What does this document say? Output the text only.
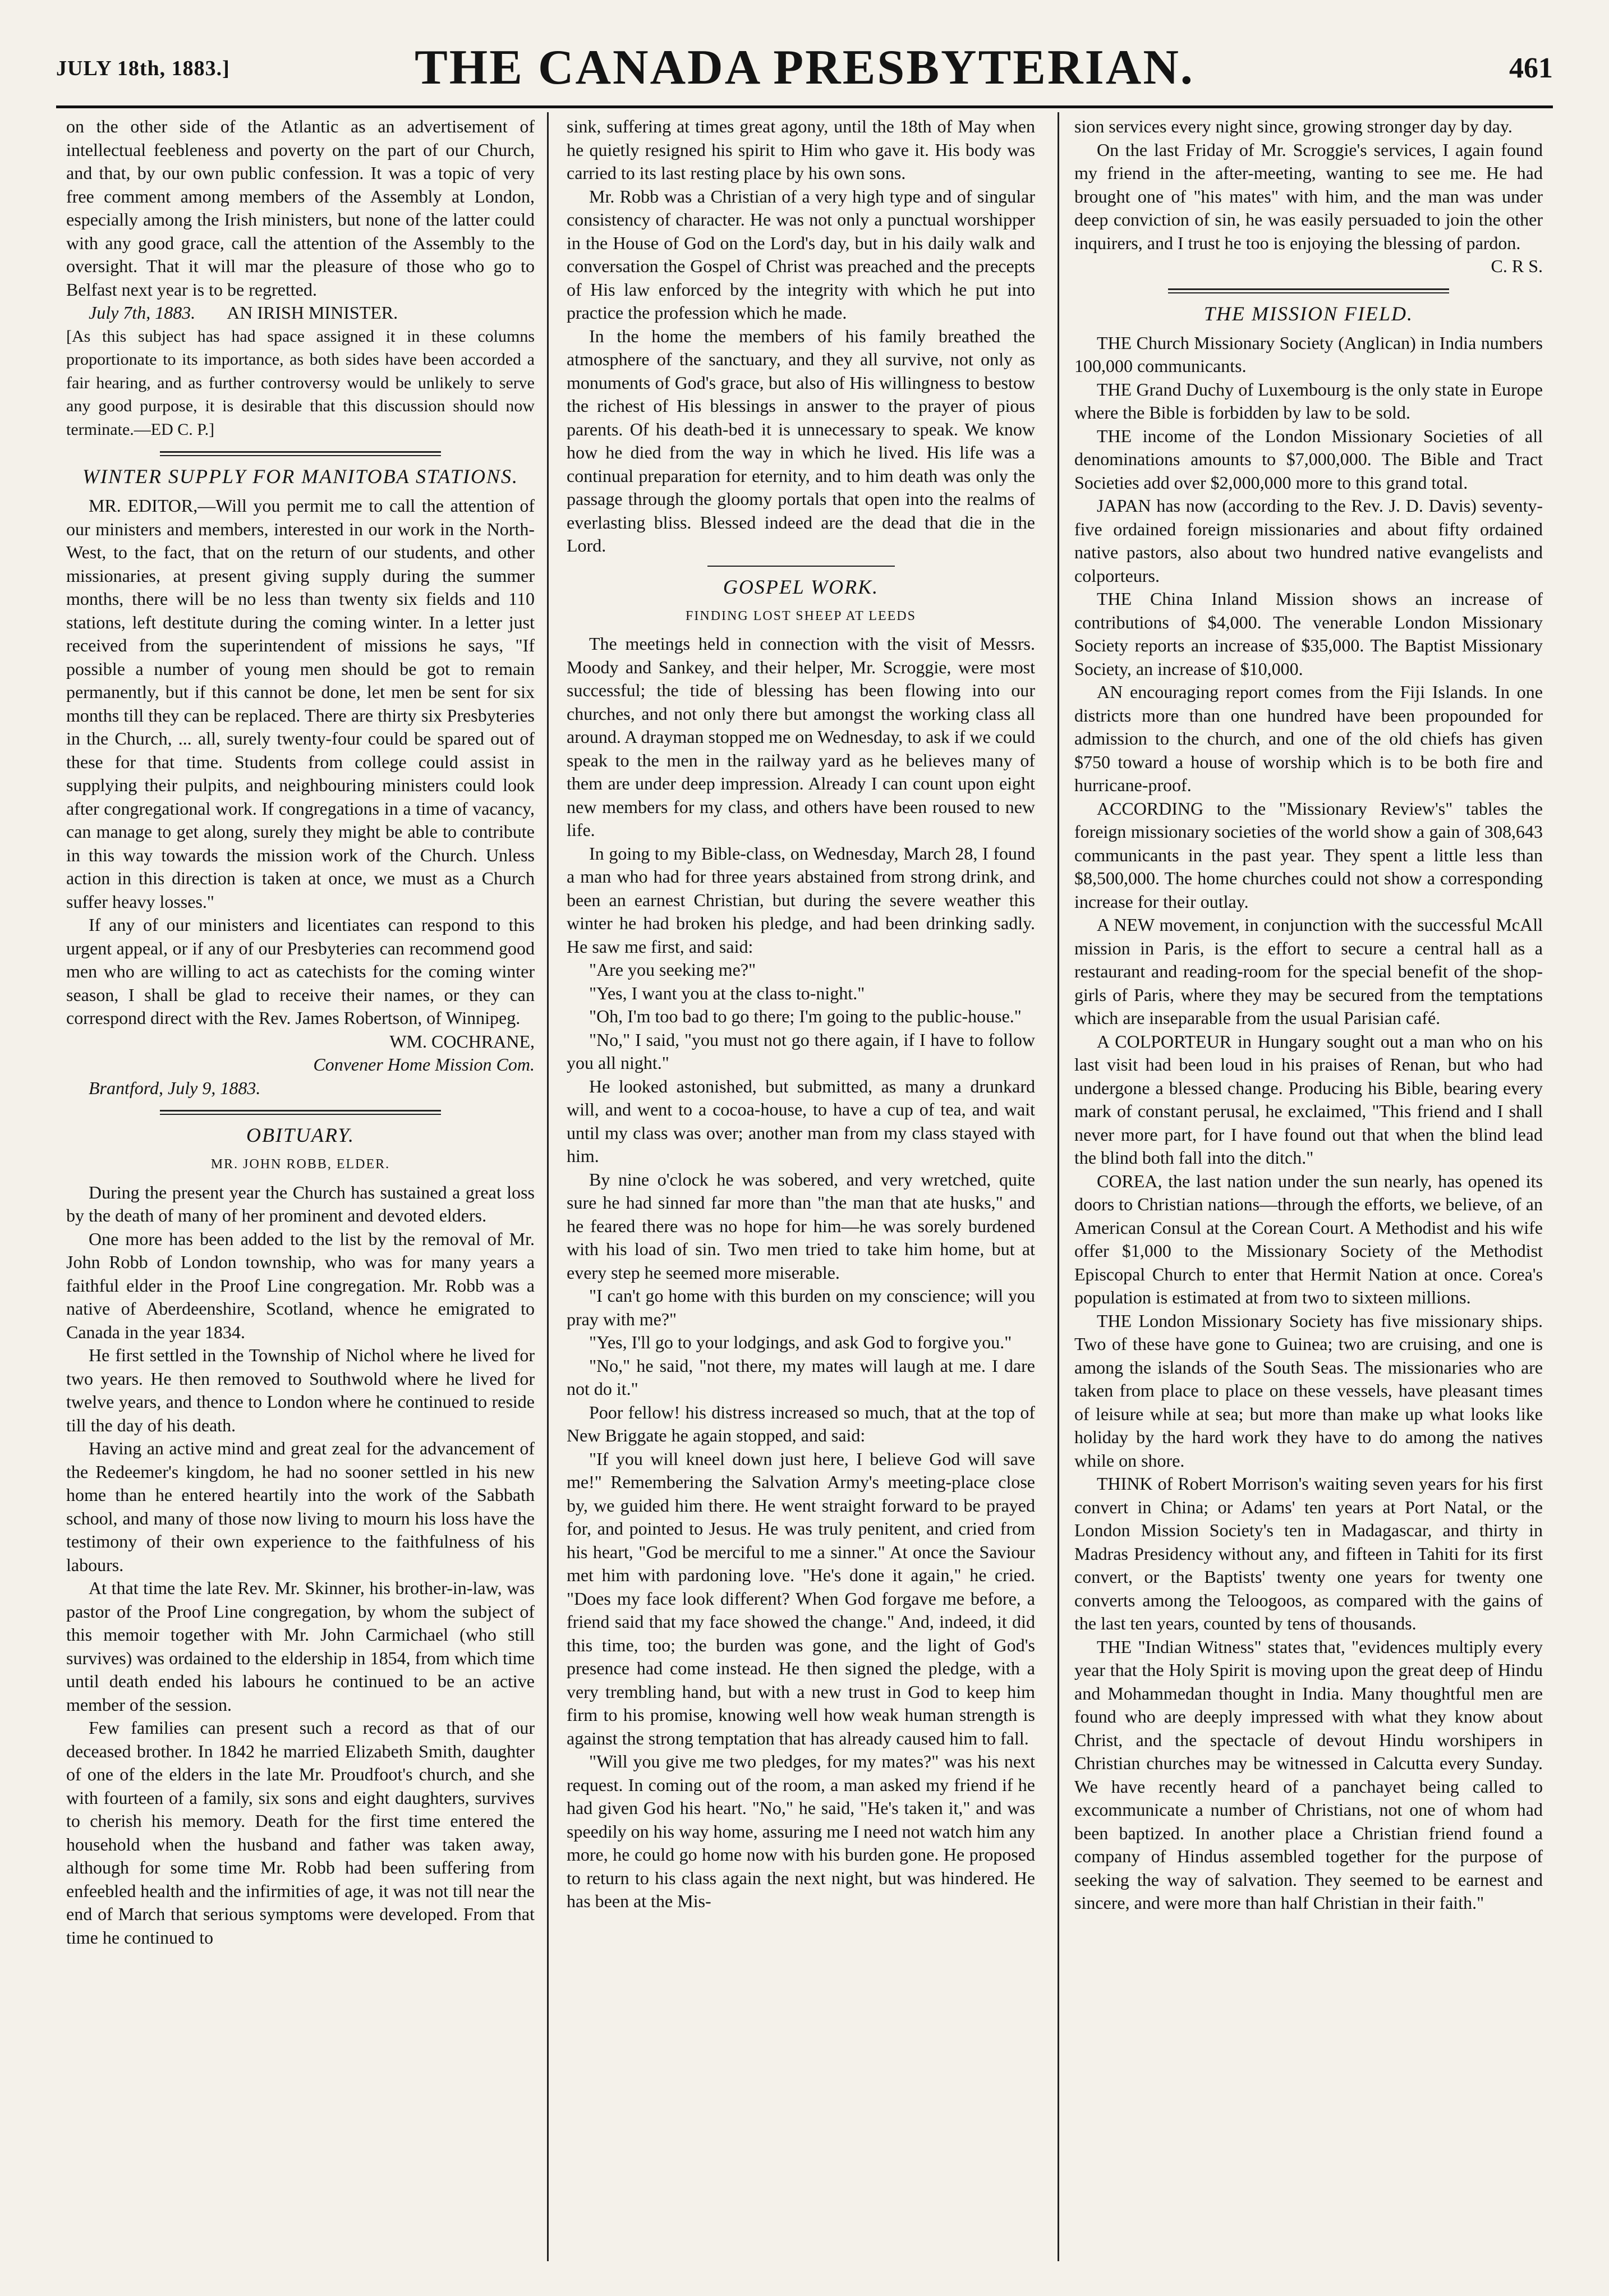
JULY 18th, 1883.]	THE CANADA PRESBYTERIAN.	461

on the other side of the Atlantic as an advertisement of intellectual feebleness and poverty on the part of our Church, and that, by our own public confession. It was a topic of very free comment among members of the Assembly at London, especially among the Irish ministers, but none of the latter could with any good grace, call the attention of the Assembly to the oversight. That it will mar the pleasure of those who go to Belfast next year is to be regretted.

July 7th, 1883. AN IRISH MINISTER.

[As this subject has had space assigned it in these columns proportionate to its importance, as both sides have been accorded a fair hearing, and as further controversy would be unlikely to serve any good purpose, it is desirable that this discussion should now terminate.—ED C. P.]

WINTER SUPPLY FOR MANITOBA STATIONS.

MR. EDITOR,—Will you permit me to call the attention of our ministers and members, interested in our work in the North-West, to the fact, that on the return of our students, and other missionaries, at present giving supply during the summer months, there will be no less than twenty six fields and 110 stations, left destitute during the coming winter. In a letter just received from the superintendent of missions he says, "If possible a number of young men should be got to remain permanently, but if this cannot be done, let men be sent for six months till they can be replaced. There are thirty six Presbyteries in the Church, ... all, surely twenty-four could be spared out of these for that time. Students from college could assist in supplying their pulpits, and neighbouring ministers could look after congregational work. If congregations in a time of vacancy, can manage to get along, surely they might be able to contribute in this way towards the mission work of the Church. Unless action in this direction is taken at once, we must as a Church suffer heavy losses."

If any of our ministers and licentiates can respond to this urgent appeal, or if any of our Presbyteries can recommend good men who are willing to act as catechists for the coming winter season, I shall be glad to receive their names, or they can correspond direct with the Rev. James Robertson, of Winnipeg.

WM. COCHRANE,
Convener Home Mission Com.

Brantford, July 9, 1883.

OBITUARY.
MR. JOHN ROBB, ELDER.

During the present year the Church has sustained a great loss by the death of many of her prominent and devoted elders.

One more has been added to the list by the removal of Mr. John Robb of London township, who was for many years a faithful elder in the Proof Line congregation. Mr. Robb was a native of Aberdeenshire, Scotland, whence he emigrated to Canada in the year 1834.

He first settled in the Township of Nichol where he lived for two years. He then removed to Southwold where he lived for twelve years, and thence to London where he continued to reside till the day of his death.

Having an active mind and great zeal for the advancement of the Redeemer's kingdom, he had no sooner settled in his new home than he entered heartily into the work of the Sabbath school, and many of those now living to mourn his loss have the testimony of their own experience to the faithfulness of his labours.

At that time the late Rev. Mr. Skinner, his brother-in-law, was pastor of the Proof Line congregation, by whom the subject of this memoir together with Mr. John Carmichael (who still survives) was ordained to the eldership in 1854, from which time until death ended his labours he continued to be an active member of the session.

Few families can present such a record as that of our deceased brother. In 1842 he married Elizabeth Smith, daughter of one of the elders in the late Mr. Proudfoot's church, and she with fourteen of a family, six sons and eight daughters, survives to cherish his memory. Death for the first time entered the household when the husband and father was taken away, although for some time Mr. Robb had been suffering from enfeebled health and the infirmities of age, it was not till near the end of March that serious symptoms were developed. From that time he continued to

sink, suffering at times great agony, until the 18th of May when he quietly resigned his spirit to Him who gave it. His body was carried to its last resting place by his own sons.

Mr. Robb was a Christian of a very high type and of singular consistency of character. He was not only a punctual worshipper in the House of God on the Lord's day, but in his daily walk and conversation the Gospel of Christ was preached and the precepts of His law enforced by the integrity with which he put into practice the profession which he made.

In the home the members of his family breathed the atmosphere of the sanctuary, and they all survive, not only as monuments of God's grace, but also of His willingness to bestow the richest of His blessings in answer to the prayer of pious parents. Of his death-bed it is unnecessary to speak. We know how he died from the way in which he lived. His life was a continual preparation for eternity, and to him death was only the passage through the gloomy portals that open into the realms of everlasting bliss. Blessed indeed are the dead that die in the Lord.

GOSPEL WORK.
FINDING LOST SHEEP AT LEEDS

The meetings held in connection with the visit of Messrs. Moody and Sankey, and their helper, Mr. Scroggie, were most successful; the tide of blessing has been flowing into our churches, and not only there but amongst the working class all around. A drayman stopped me on Wednesday, to ask if we could speak to the men in the railway yard as he believes many of them are under deep impression. Already I can count upon eight new members for my class, and others have been roused to new life.

In going to my Bible-class, on Wednesday, March 28, I found a man who had for three years abstained from strong drink, and been an earnest Christian, but during the severe weather this winter he had broken his pledge, and had been drinking sadly. He saw me first, and said:

"Are you seeking me?"

"Yes, I want you at the class to-night."

"Oh, I'm too bad to go there; I'm going to the public-house."

"No," I said, "you must not go there again, if I have to follow you all night."

He looked astonished, but submitted, as many a drunkard will, and went to a cocoa-house, to have a cup of tea, and wait until my class was over; another man from my class stayed with him.

By nine o'clock he was sobered, and very wretched, quite sure he had sinned far more than "the man that ate husks," and he feared there was no hope for him—he was sorely burdened with his load of sin. Two men tried to take him home, but at every step he seemed more miserable.

"I can't go home with this burden on my conscience; will you pray with me?"

"Yes, I'll go to your lodgings, and ask God to forgive you."

"No," he said, "not there, my mates will laugh at me. I dare not do it."

Poor fellow! his distress increased so much, that at the top of New Briggate he again stopped, and said:

"If you will kneel down just here, I believe God will save me!" Remembering the Salvation Army's meeting-place close by, we guided him there. He went straight forward to be prayed for, and pointed to Jesus. He was truly penitent, and cried from his heart, "God be merciful to me a sinner." At once the Saviour met him with pardoning love. "He's done it again," he cried. "Does my face look different? When God forgave me before, a friend said that my face showed the change." And, indeed, it did this time, too; the burden was gone, and the light of God's presence had come instead. He then signed the pledge, with a very trembling hand, but with a new trust in God to keep him firm to his promise, knowing well how weak human strength is against the strong temptation that has already caused him to fall.

"Will you give me two pledges, for my mates?" was his next request. In coming out of the room, a man asked my friend if he had given God his heart. "No," he said, "He's taken it," and was speedily on his way home, assuring me I need not watch him any more, he could go home now with his burden gone. He proposed to return to his class again the next night, but was hindered. He has been at the Mis-

sion services every night since, growing stronger day by day.

On the last Friday of Mr. Scroggie's services, I again found my friend in the after-meeting, wanting to see me. He had brought one of "his mates" with him, and the man was under deep conviction of sin, he was easily persuaded to join the other inquirers, and I trust he too is enjoying the blessing of pardon.

C. R S.
THE MISSION FIELD.

THE Church Missionary Society (Anglican) in India numbers 100,000 communicants.

THE Grand Duchy of Luxembourg is the only state in Europe where the Bible is forbidden by law to be sold.

THE income of the London Missionary Societies of all denominations amounts to $7,000,000. The Bible and Tract Societies add over $2,000,000 more to this grand total.

JAPAN has now (according to the Rev. J. D. Davis) seventy-five ordained foreign missionaries and about fifty ordained native pastors, also about two hundred native evangelists and colporteurs.

THE China Inland Mission shows an increase of contributions of $4,000. The venerable London Missionary Society reports an increase of $35,000. The Baptist Missionary Society, an increase of $10,000.

AN encouraging report comes from the Fiji Islands. In one districts more than one hundred have been propounded for admission to the church, and one of the old chiefs has given $750 toward a house of worship which is to be both fire and hurricane-proof.

ACCORDING to the "Missionary Review's" tables the foreign missionary societies of the world show a gain of 308,643 communicants in the past year. They spent a little less than $8,500,000. The home churches could not show a corresponding increase for their outlay.

A NEW movement, in conjunction with the successful McAll mission in Paris, is the effort to secure a central hall as a restaurant and reading-room for the special benefit of the shop-girls of Paris, where they may be secured from the temptations which are inseparable from the usual Parisian café.

A COLPORTEUR in Hungary sought out a man who on his last visit had been loud in his praises of Renan, but who had undergone a blessed change. Producing his Bible, bearing every mark of constant perusal, he exclaimed, "This friend and I shall never more part, for I have found out that when the blind lead the blind both fall into the ditch."

COREA, the last nation under the sun nearly, has opened its doors to Christian nations—through the efforts, we believe, of an American Consul at the Corean Court. A Methodist and his wife offer $1,000 to the Missionary Society of the Methodist Episcopal Church to enter that Hermit Nation at once. Corea's population is estimated at from two to sixteen millions.

THE London Missionary Society has five missionary ships. Two of these have gone to Guinea; two are cruising, and one is among the islands of the South Seas. The missionaries who are taken from place to place on these vessels, have pleasant times of leisure while at sea; but more than make up what looks like holiday by the hard work they have to do among the natives while on shore.

THINK of Robert Morrison's waiting seven years for his first convert in China; or Adams' ten years at Port Natal, or the London Mission Society's ten in Madagascar, and thirty in Madras Presidency without any, and fifteen in Tahiti for its first convert, or the Baptists' twenty one years for twenty one converts among the Teloogoos, as compared with the gains of the last ten years, counted by tens of thousands.

THE "Indian Witness" states that, "evidences multiply every year that the Holy Spirit is moving upon the great deep of Hindu and Mohammedan thought in India. Many thoughtful men are found who are deeply impressed with what they know about Christ, and the spectacle of devout Hindu worshipers in Christian churches may be witnessed in Calcutta every Sunday. We have recently heard of a panchayet being called to excommunicate a number of Christians, not one of whom had been baptized. In another place a Christian friend found a company of Hindus assembled together for the purpose of seeking the way of salvation. They seemed to be earnest and sincere, and were more than half Christian in their faith."
